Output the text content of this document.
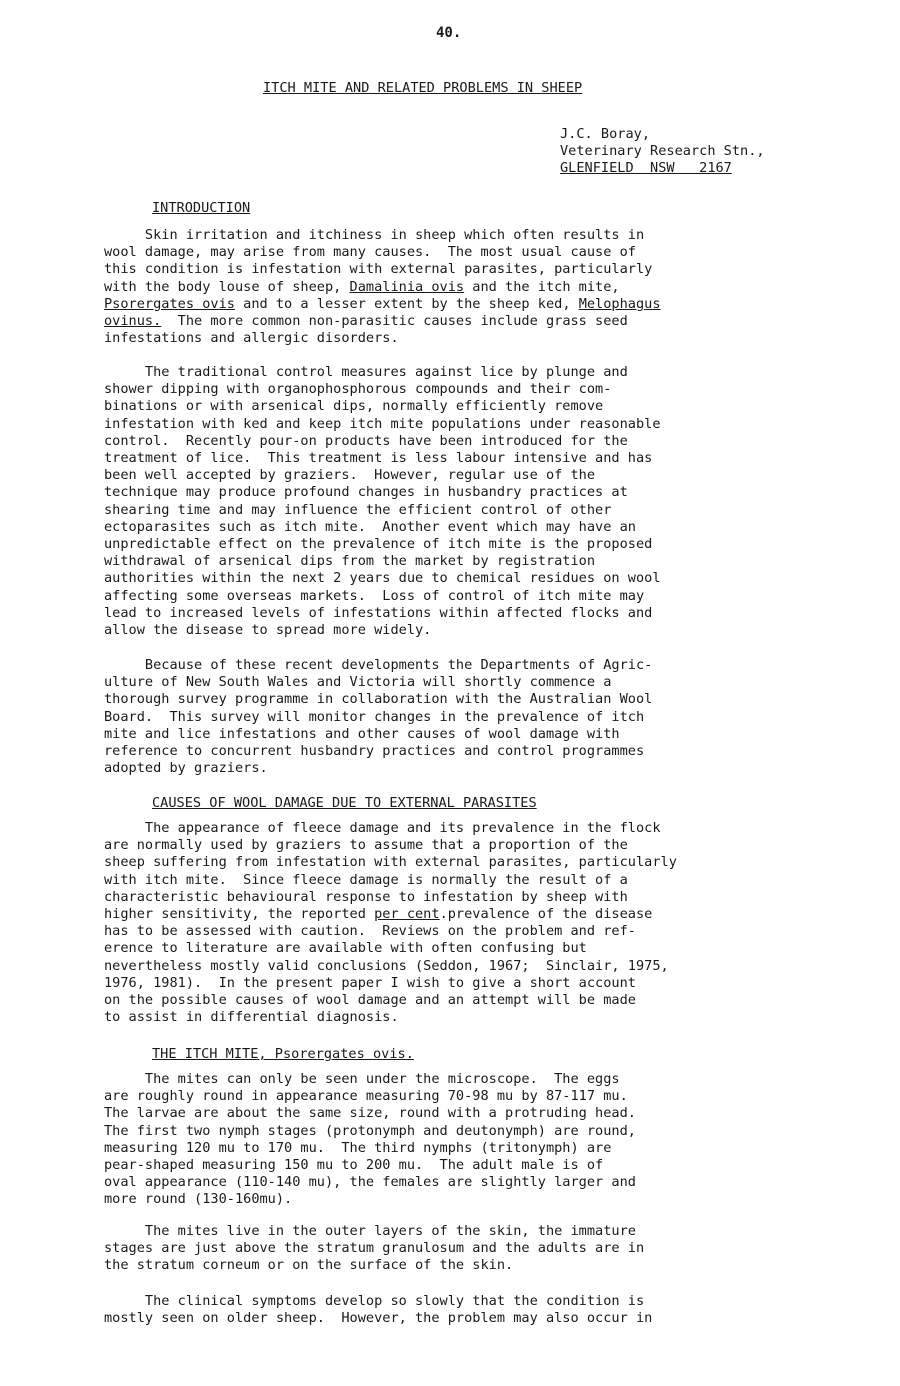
40.
ITCH MITE AND RELATED PROBLEMS IN SHEEP
J.C. Boray,
Veterinary Research Stn.,
GLENFIELD  NSW   2167
INTRODUCTION
Skin irritation and itchiness in sheep which often results in
wool damage, may arise from many causes.  The most usual cause of
this condition is infestation with external parasites, particularly
with the body louse of sheep, Damalinia ovis and the itch mite,
Psorergates ovis and to a lesser extent by the sheep ked, Melophagus
ovinus.  The more common non-parasitic causes include grass seed
infestations and allergic disorders.
The traditional control measures against lice by plunge and
shower dipping with organophosphorous compounds and their com-
binations or with arsenical dips, normally efficiently remove
infestation with ked and keep itch mite populations under reasonable
control.  Recently pour-on products have been introduced for the
treatment of lice.  This treatment is less labour intensive and has
been well accepted by graziers.  However, regular use of the
technique may produce profound changes in husbandry practices at
shearing time and may influence the efficient control of other
ectoparasites such as itch mite.  Another event which may have an
unpredictable effect on the prevalence of itch mite is the proposed
withdrawal of arsenical dips from the market by registration
authorities within the next 2 years due to chemical residues on wool
affecting some overseas markets.  Loss of control of itch mite may
lead to increased levels of infestations within affected flocks and
allow the disease to spread more widely.
Because of these recent developments the Departments of Agric-
ulture of New South Wales and Victoria will shortly commence a
thorough survey programme in collaboration with the Australian Wool
Board.  This survey will monitor changes in the prevalence of itch
mite and lice infestations and other causes of wool damage with
reference to concurrent husbandry practices and control programmes
adopted by graziers.
CAUSES OF WOOL DAMAGE DUE TO EXTERNAL PARASITES
The appearance of fleece damage and its prevalence in the flock
are normally used by graziers to assume that a proportion of the
sheep suffering from infestation with external parasites, particularly
with itch mite.  Since fleece damage is normally the result of a
characteristic behavioural response to infestation by sheep with
higher sensitivity, the reported per cent.prevalence of the disease
has to be assessed with caution.  Reviews on the problem and ref-
erence to literature are available with often confusing but
nevertheless mostly valid conclusions (Seddon, 1967;  Sinclair, 1975,
1976, 1981).  In the present paper I wish to give a short account
on the possible causes of wool damage and an attempt will be made
to assist in differential diagnosis.
THE ITCH MITE, Psorergates ovis.
The mites can only be seen under the microscope.  The eggs
are roughly round in appearance measuring 70-98 mu by 87-117 mu.
The larvae are about the same size, round with a protruding head.
The first two nymph stages (protonymph and deutonymph) are round,
measuring 120 mu to 170 mu.  The third nymphs (tritonymph) are
pear-shaped measuring 150 mu to 200 mu.  The adult male is of
oval appearance (110-140 mu), the females are slightly larger and
more round (130-160mu).
The mites live in the outer layers of the skin, the immature
stages are just above the stratum granulosum and the adults are in
the stratum corneum or on the surface of the skin.
The clinical symptoms develop so slowly that the condition is
mostly seen on older sheep.  However, the problem may also occur in
